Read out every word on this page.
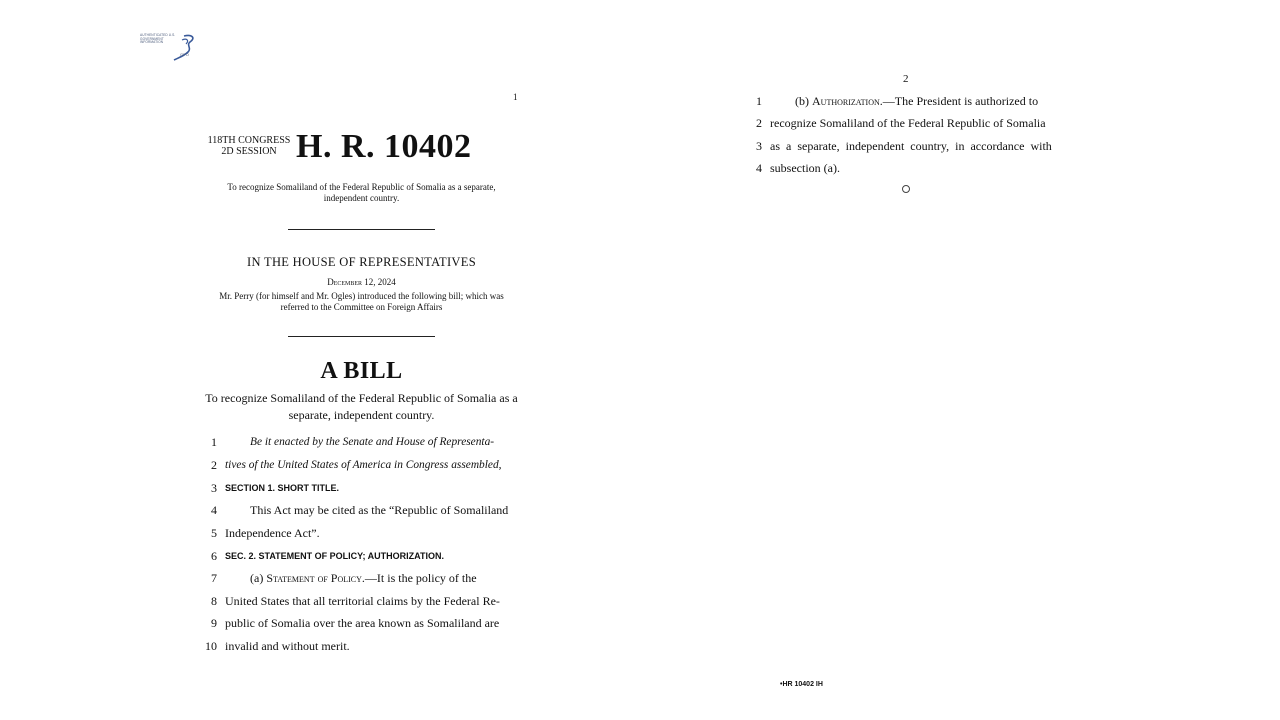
AUTHENTICATED U.S. GOVERNMENT INFORMATION
GPO
1
118TH CONGRESS
2D SESSION H. R. 10402
To recognize Somaliland of the Federal Republic of Somalia as a separate, independent country.
IN THE HOUSE OF REPRESENTATIVES
December 12, 2024
Mr. Perry (for himself and Mr. Ogles) introduced the following bill; which was referred to the Committee on Foreign Affairs
A BILL
To recognize Somaliland of the Federal Republic of Somalia as a separate, independent country.
1	Be it enacted by the Senate and House of Representa-
2 tives of the United States of America in Congress assembled,
3 SECTION 1. SHORT TITLE.
4	This Act may be cited as the “Republic of Somaliland
5 Independence Act”.
6 SEC. 2. STATEMENT OF POLICY; AUTHORIZATION.
7	(a) Statement of Policy.—It is the policy of the
8 United States that all territorial claims by the Federal Re-
9 public of Somalia over the area known as Somaliland are
10 invalid and without merit.
2
1	(b) Authorization.—The President is authorized to
2 recognize Somaliland of the Federal Republic of Somalia
3 as a separate, independent country, in accordance with
4 subsection (a).
•HR 10402 IH
